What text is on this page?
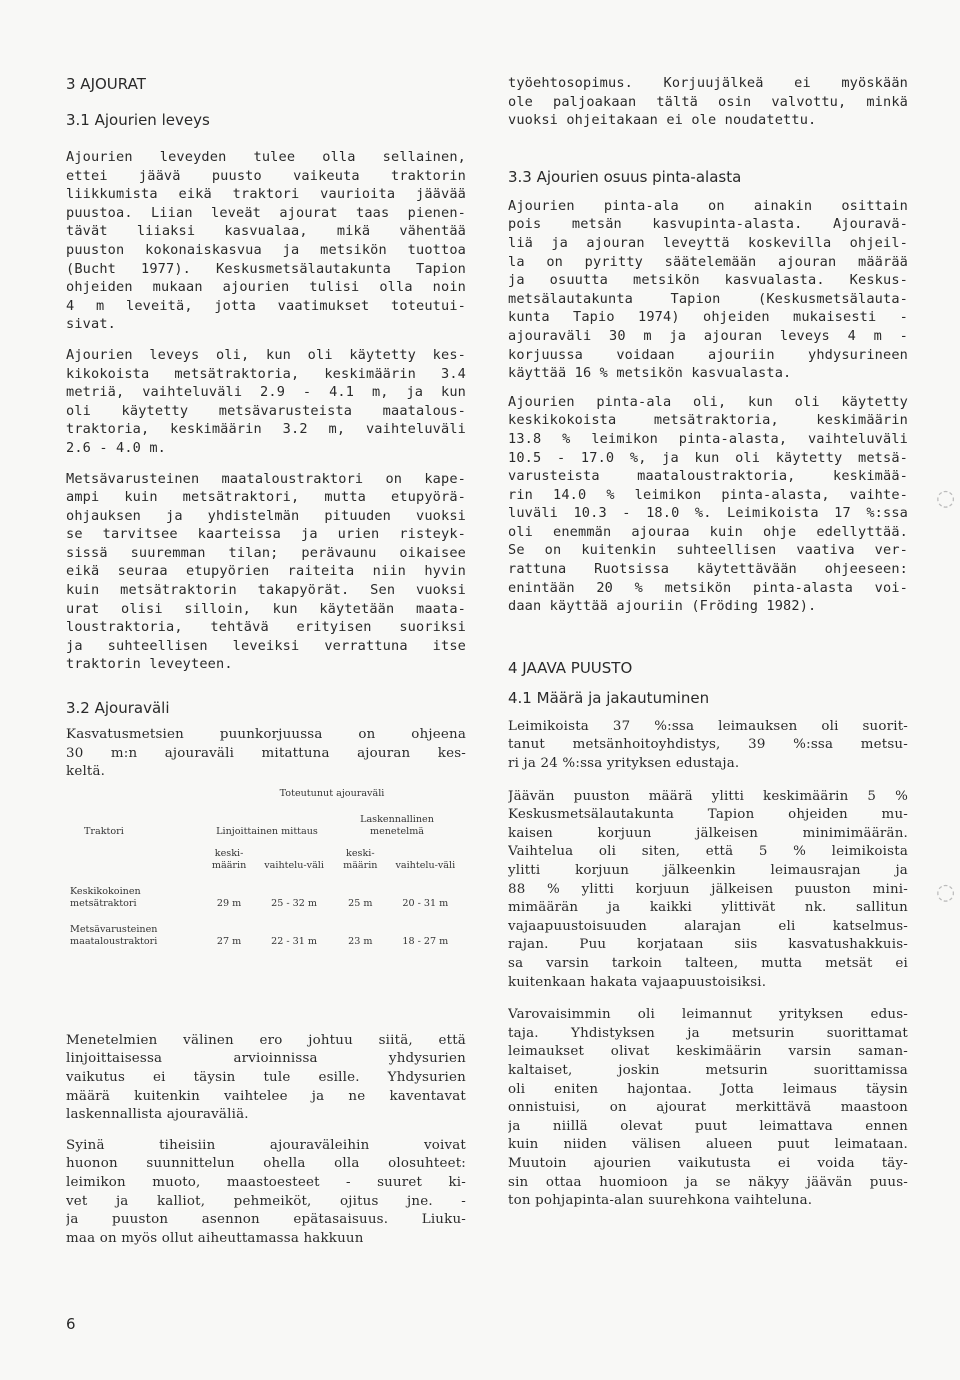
3 AJOURAT
3.1 Ajourien leveys

Ajourien leveyden tulee olla sellainen,
ettei jäävä puusto vaikeuta traktorin
liikkumista eikä traktori vaurioita jäävää
puustoa. Liian leveät ajourat taas pienen-
tävät liiaksi kasvualaa, mikä vähentää
puuston kokonaiskasvua ja metsikön tuottoa
(Bucht 1977). Keskusmetsälautakunta Tapion
ohjeiden mukaan ajourien tulisi olla noin
4 m leveitä, jotta vaatimukset toteutui-
sivat.

Ajourien leveys oli, kun oli käytetty kes-
kikokoista metsätraktoria, keskimäärin 3.4
metriä, vaihteluväli 2.9 - 4.1 m, ja kun
oli käytetty metsävarusteista maatalous-
traktoria, keskimäärin 3.2 m, vaihteluväli
2.6 - 4.0 m.

Metsävarusteinen maataloustraktori on kape-
ampi kuin metsätraktori, mutta etupyörä-
ohjauksen ja yhdistelmän pituuden vuoksi
se tarvitsee kaarteissa ja urien risteyk-
sissä suuremman tilan; perävaunu oikaisee
eikä seuraa etupyörien raiteita niin hyvin
kuin metsätraktorin takapyörät. Sen vuoksi
urat olisi silloin, kun käytetään maata-
loustraktoria, tehtävä erityisen suoriksi
ja suhteellisen leveiksi verrattuna itse
traktorin leveyteen.

3.2 Ajouraväli

Kasvatusmetsien puunkorjuussa on ohjeena
30 m:n ajouraväli mitattuna ajouran kes-
keltä.

	Toteutunut ajouraväli			
Traktori	Linjoittainen mittaus		Laskennallinen menetelmä	

	keski-määrin	vaihtelu-väli	keski-määrin	vaihtelu-väli

Keskikokoinen
metsätraktori	29 m	25 - 32 m	25 m	20 - 31 m

Metsävarusteinen
maataloustraktori	27 m	22 - 31 m	23 m	18 - 27 m

Menetelmien välinen ero johtuu siitä, että
linjoittaisessa arvioinnissa yhdysurien
vaikutus ei täysin tule esille. Yhdysurien
määrä kuitenkin vaihtelee ja ne kaventavat
laskennallista ajouraväliä.

Syinä tiheisiin ajouraväleihin voivat
huonon suunnittelun ohella olla olosuhteet:
leimikon muoto, maastoesteet - suuret ki-
vet ja kalliot, pehmeiköt, ojitus jne. -
ja puuston asennon epätasaisuus. Liuku-
maa on myös ollut aiheuttamassa hakkuun

työehtosopimus. Korjuujälkeä ei myöskään
ole paljoakaan tältä osin valvottu, minkä
vuoksi ohjeitakaan ei ole noudatettu.

3.3 Ajourien osuus pinta-alasta

Ajourien pinta-ala on ainakin osittain
pois metsän kasvupinta-alasta. Ajouravä-
liä ja ajouran leveyttä koskevilla ohjeil-
la on pyritty säätelemään ajouran määrää
ja osuutta metsikön kasvualasta. Keskus-
metsälautakunta Tapion (Keskusmetsälauta-
kunta Tapio 1974) ohjeiden mukaisesti -
ajouraväli 30 m ja ajouran leveys 4 m -
korjuussa voidaan ajouriin yhdysurineen
käyttää 16 % metsikön kasvualasta.

Ajourien pinta-ala oli, kun oli käytetty
keskikokoista metsätraktoria, keskimäärin
13.8 % leimikon pinta-alasta, vaihteluväli
10.5 - 17.0 %, ja kun oli käytetty metsä-
varusteista maataloustraktoria, keskimää-
rin 14.0 % leimikon pinta-alasta, vaihte-
luväli 10.3 - 18.0 %. Leimikoista 17 %:ssa
oli enemmän ajouraa kuin ohje edellyttää.
Se on kuitenkin suhteellisen vaativa ver-
rattuna Ruotsissa käytettävään ohjeeseen:
enintään 20 % metsikön pinta-alasta voi-
daan käyttää ajouriin (Fröding 1982).

4 JAAVA PUUSTO
4.1 Määrä ja jakautuminen

Leimikoista 37 %:ssa leimauksen oli suorit-
tanut metsänhoitoyhdistys, 39 %:ssa metsu-
ri ja 24 %:ssa yrityksen edustaja.

Jäävän puuston määrä ylitti keskimäärin 5 %
Keskusmetsälautakunta Tapion ohjeiden mu-
kaisen korjuun jälkeisen minimimäärän.
Vaihtelua oli siten, että 5 % leimikoista
ylitti korjuun jälkeenkin leimausrajan ja
88 % ylitti korjuun jälkeisen puuston mini-
mimäärän ja kaikki ylittivät nk. sallitun
vajaapuustoisuuden alarajan eli katselmus-
rajan. Puu korjataan siis kasvatushakkuis-
sa varsin tarkoin talteen, mutta metsät ei
kuitenkaan hakata vajaapuustoisiksi.

Varovaisimmin oli leimannut yrityksen edus-
taja. Yhdistyksen ja metsurin suorittamat
leimaukset olivat keskimäärin varsin saman-
kaltaiset, joskin metsurin suorittamissa
oli eniten hajontaa. Jotta leimaus täysin
onnistuisi, on ajourat merkittävä maastoon
ja niillä olevat puut leimattava ennen
kuin niiden välisen alueen puut leimataan.
Muutoin ajourien vaikutusta ei voida täy-
sin ottaa huomioon ja se näkyy jäävän puus-
ton pohjapinta-alan suurehkona vaihteluna.

6
◌
◌
